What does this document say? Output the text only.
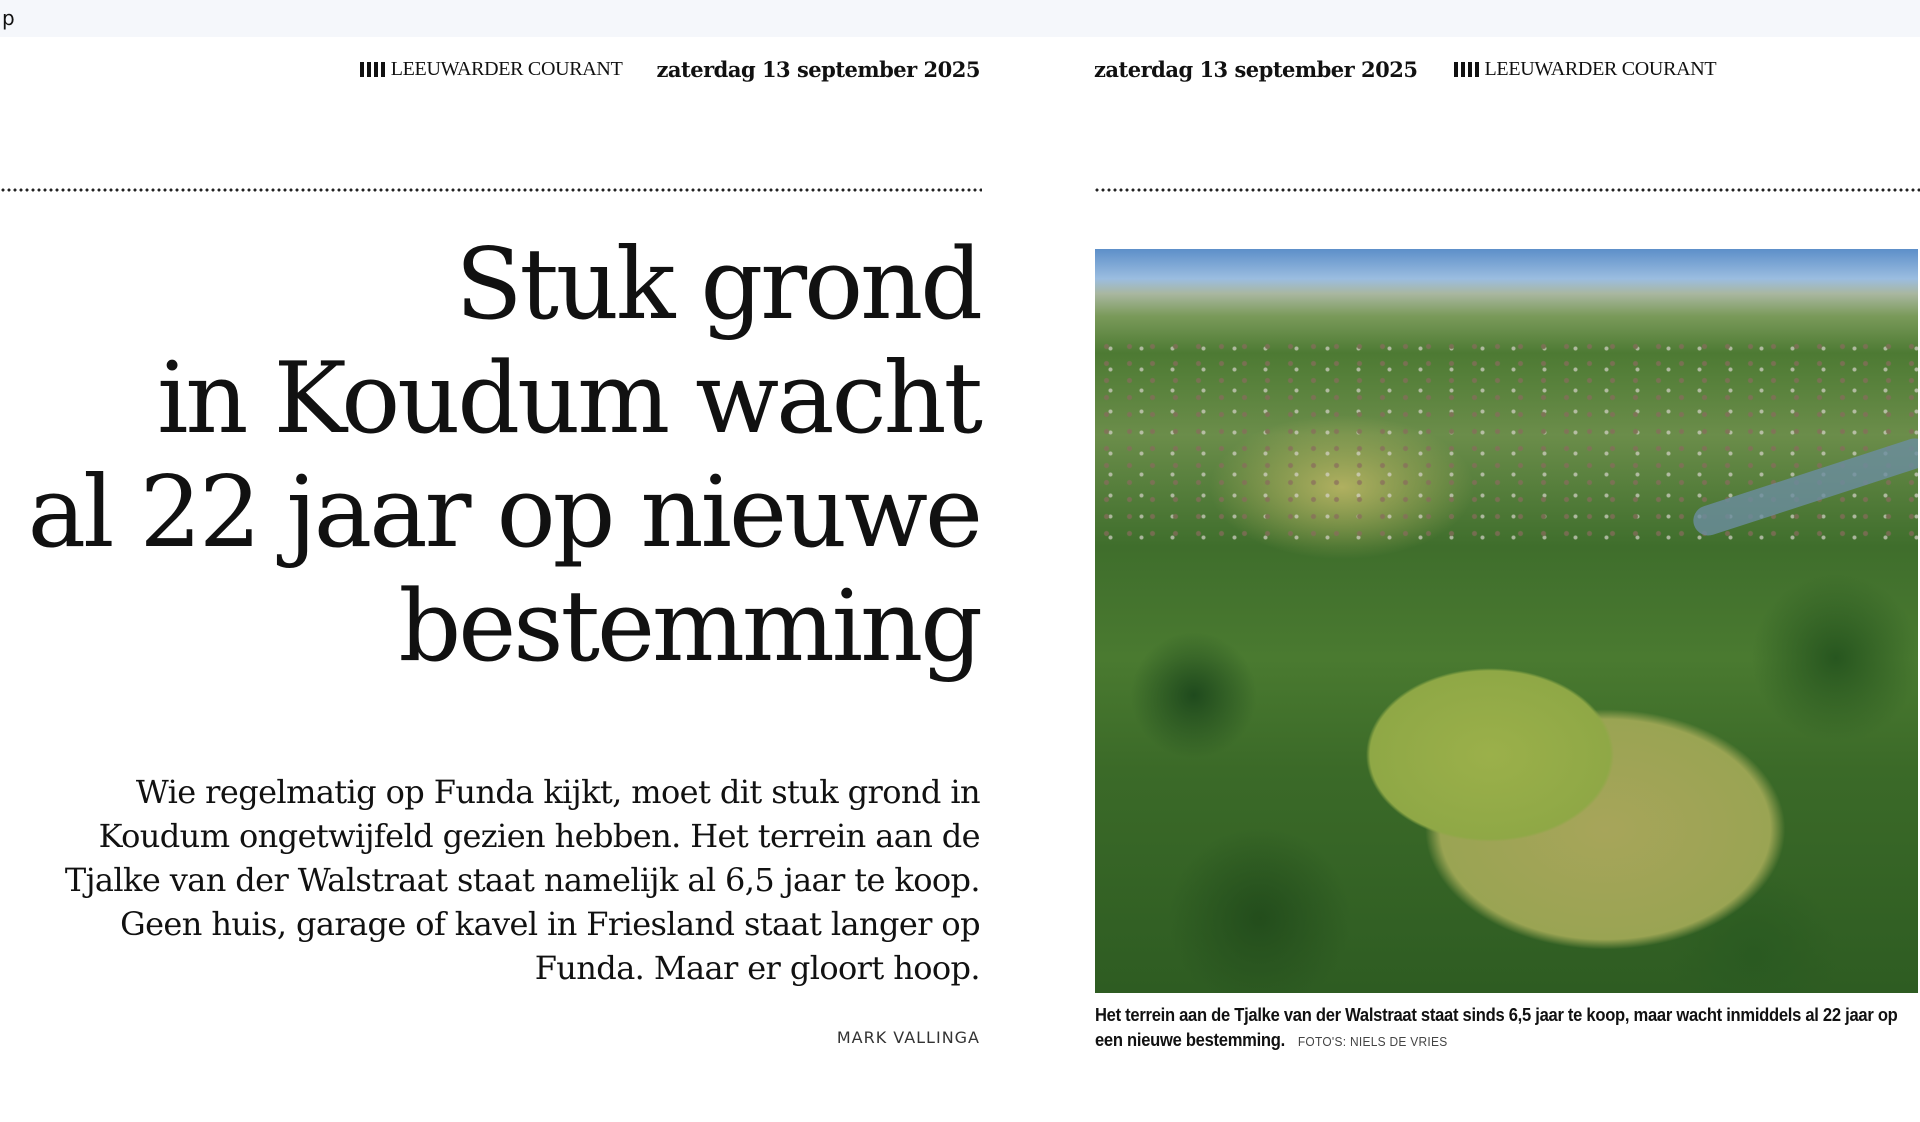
p
LEEUWARDER COURANT zaterdag 13 september 2025	zaterdag 13 september 2025	LEEUWARDER COURANT
Stuk grond
in Koudum wacht
al 22 jaar op nieuwe
bestemming
Wie regelmatig op Funda kijkt, moet dit stuk grond in
Koudum ongetwijfeld gezien hebben. Het terrein aan de
Tjalke van der Walstraat staat namelijk al 6,5 jaar te koop.
Geen huis, garage of kavel in Friesland staat langer op
Funda. Maar er gloort hoop.
MARK VALLINGA
Het terrein aan de Tjalke van der Walstraat staat sinds 6,5 jaar te koop, maar wacht inmiddels al 22 jaar op een nieuwe bestemming. FOTO'S: NIELS DE VRIES
